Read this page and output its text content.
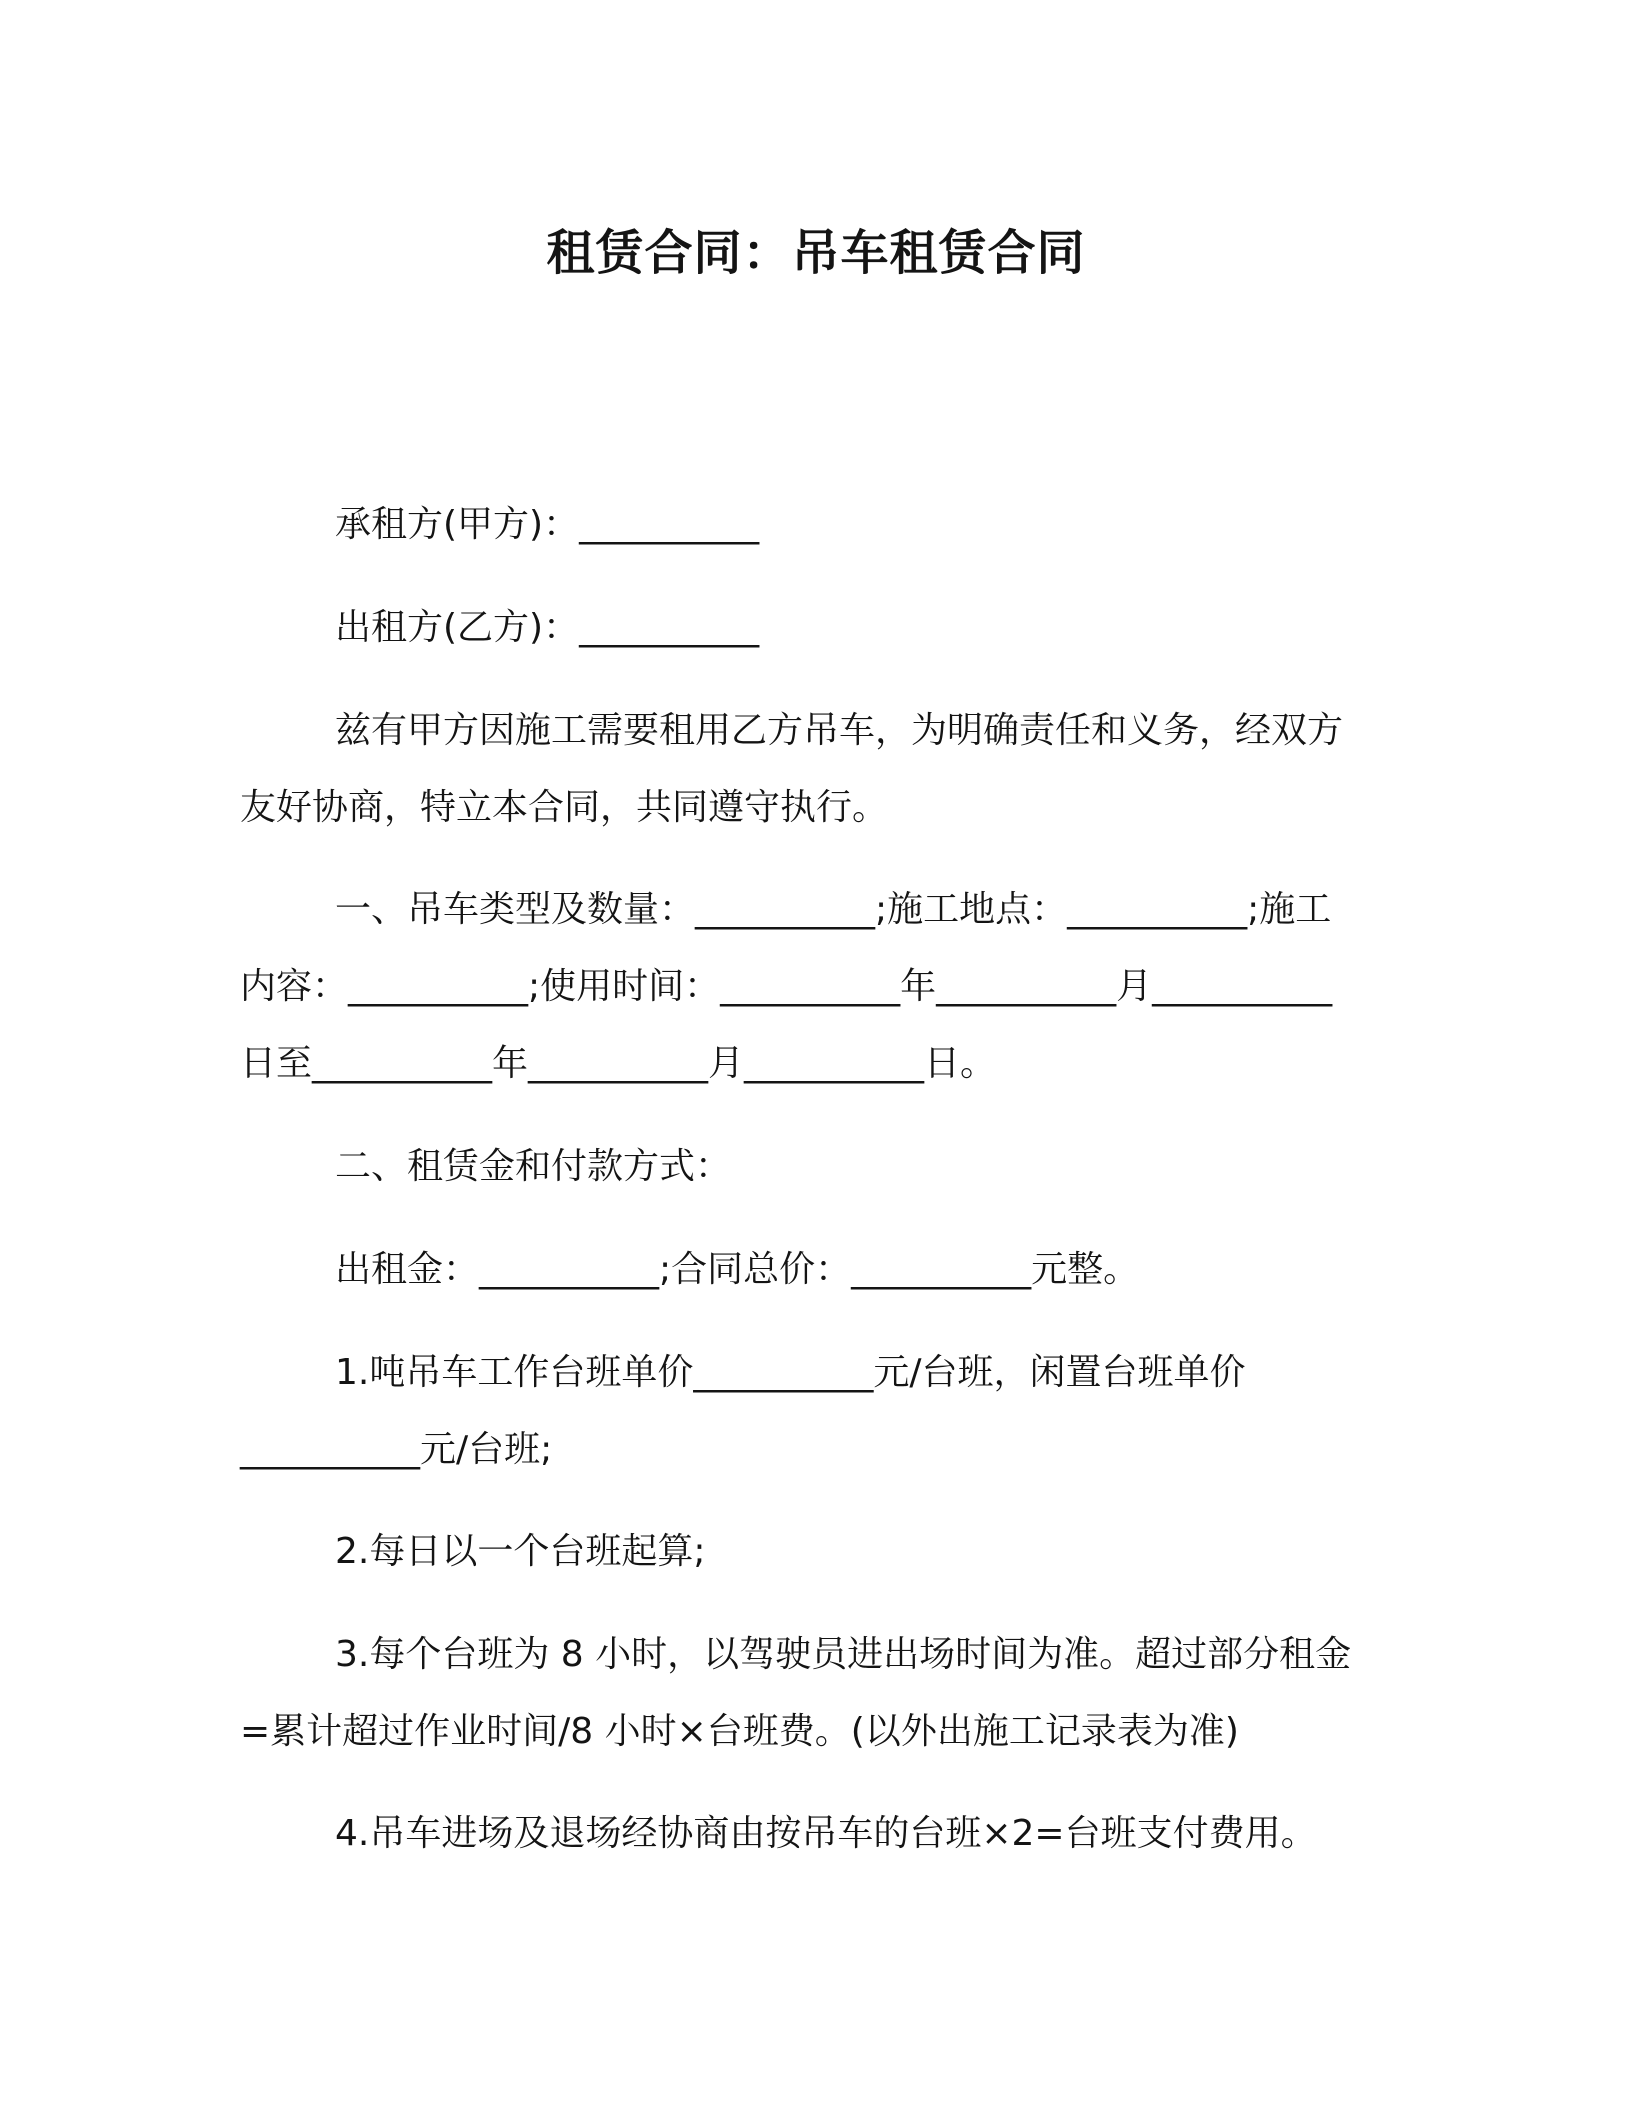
租赁合同：吊车租赁合同
承租方(甲方)：__________
出租方(乙方)：__________
兹有甲方因施工需要租用乙方吊车，为明确责任和义务，经双方
友好协商，特立本合同，共同遵守执行。
一、吊车类型及数量：__________;施工地点：__________;施工
内容：__________;使用时间：__________年__________月__________
日至__________年__________月__________日。
二、租赁金和付款方式：
出租金：__________;合同总价：__________元整。
1.吨吊车工作台班单价__________元/台班，闲置台班单价
__________元/台班;
2.每日以一个台班起算;
3.每个台班为 8 小时，以驾驶员进出场时间为准。超过部分租金
=累计超过作业时间/8 小时×台班费。(以外出施工记录表为准)
4.吊车进场及退场经协商由按吊车的台班×2=台班支付费用。
